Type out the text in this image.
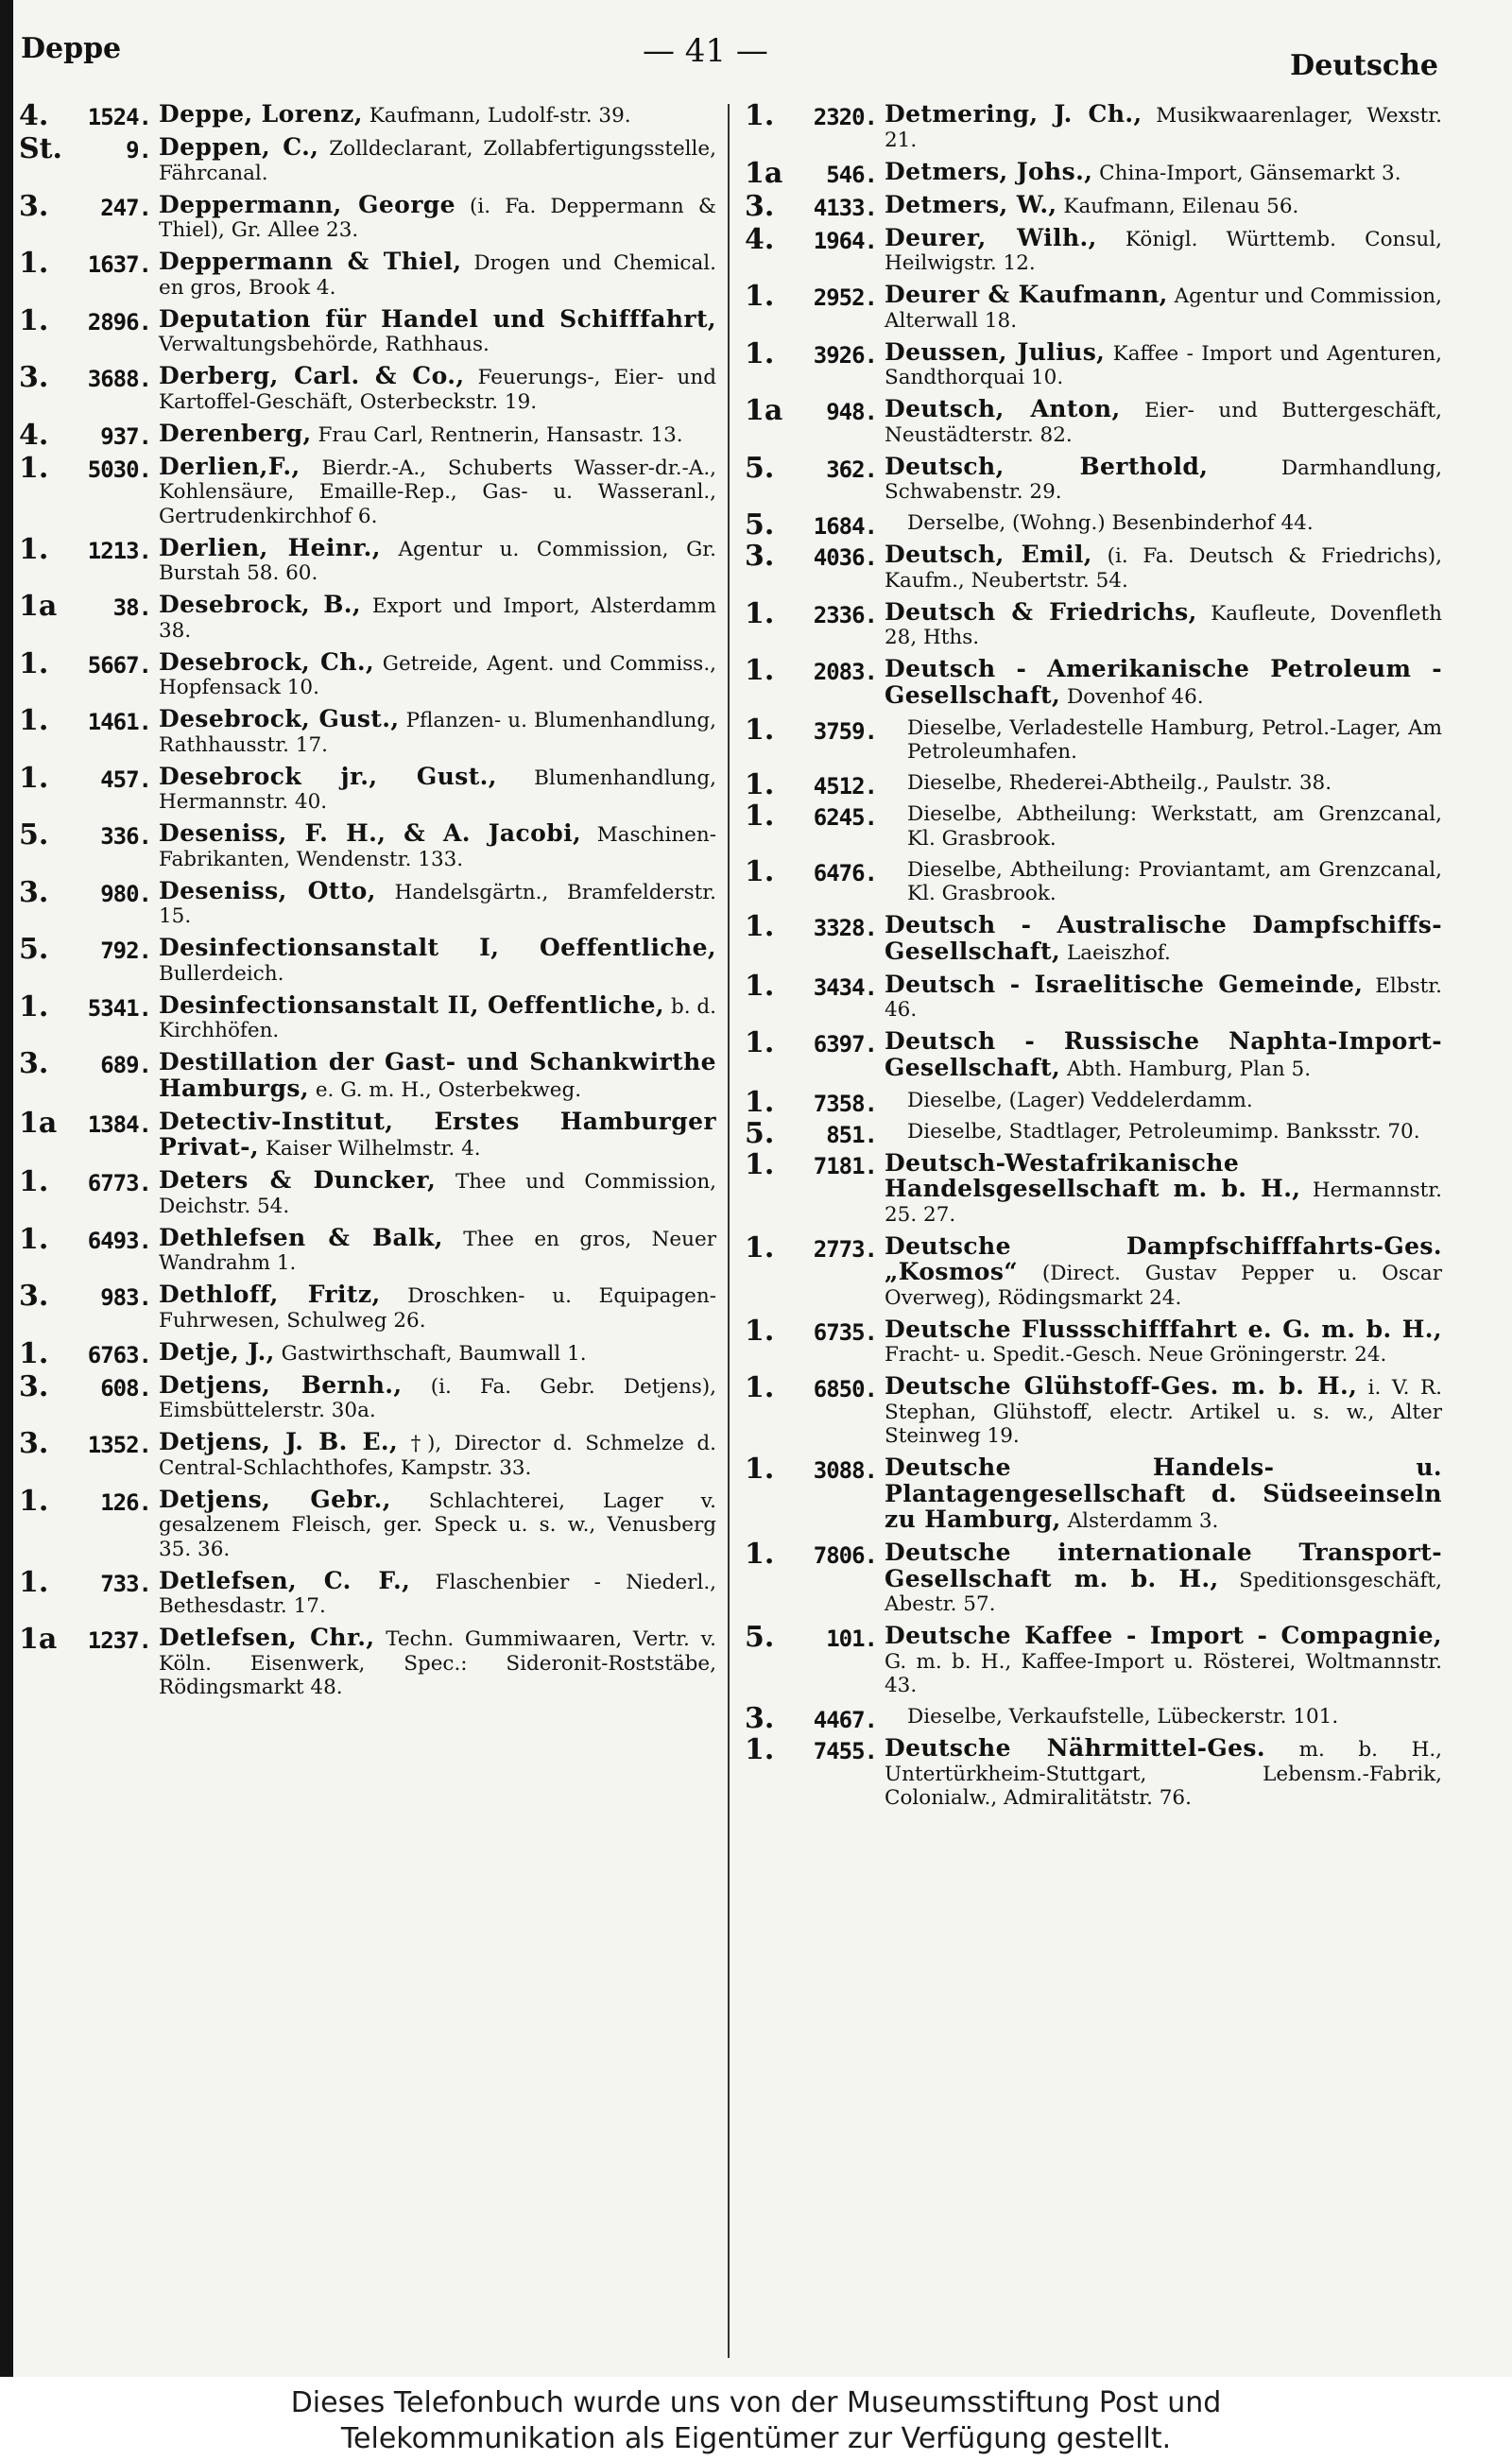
Deppe	— 41 —	Deutsche
4.	1524. Deppe, Lorenz, Kaufmann, Ludolf-str. 39.
St.	9. Deppen, C., Zolldeclarant, Zollabfertigungsstelle, Fährcanal.
3.	247. Deppermann, George (i. Fa. Deppermann & Thiel), Gr. Allee 23.
1.	1637. Deppermann & Thiel, Drogen und Chemical. en gros, Brook 4.
1.	2896. Deputation für Handel und Schifffahrt, Verwaltungsbehörde, Rathhaus.
3.	3688. Derberg, Carl. & Co., Feuerungs-, Eier- und Kartoffel-Geschäft, Osterbeckstr. 19.
4.	937. Derenberg, Frau Carl, Rentnerin, Hansastr. 13.
1.	5030. Derlien,F., Bierdr.-A., Schuberts Wasser-dr.-A., Kohlensäure, Emaille-Rep., Gas- u. Wasseranl., Gertrudenkirchhof 6.
1.	1213. Derlien, Heinr., Agentur u. Commission, Gr. Burstah 58. 60.
1a	38. Desebrock, B., Export und Import, Alsterdamm 38.
1.	5667. Desebrock, Ch., Getreide, Agent. und Commiss., Hopfensack 10.
1.	1461. Desebrock, Gust., Pflanzen- u. Blumenhandlung, Rathhausstr. 17.
1.	457. Desebrock jr., Gust., Blumenhandlung, Hermannstr. 40.
5.	336. Deseniss, F. H., & A. Jacobi, Maschinen-Fabrikanten, Wendenstr. 133.
3.	980. Deseniss, Otto, Handelsgärtn., Bramfelderstr. 15.
5.	792. Desinfectionsanstalt I, Oeffentliche, Bullerdeich.
1.	5341. Desinfectionsanstalt II, Oeffentliche, b. d. Kirchhöfen.
3.	689. Destillation der Gast- und Schankwirthe Hamburgs, e. G. m. H., Osterbekweg.
1a	1384. Detectiv-Institut, Erstes Hamburger Privat-, Kaiser Wilhelmstr. 4.
1.	6773. Deters & Duncker, Thee und Commission, Deichstr. 54.
1.	6493. Dethlefsen & Balk, Thee en gros, Neuer Wandrahm 1.
3.	983. Dethloff, Fritz, Droschken- u. Equipagen-Fuhrwesen, Schulweg 26.
1.	6763. Detje, J., Gastwirthschaft, Baumwall 1.
3.	608. Detjens, Bernh., (i. Fa. Gebr. Detjens), Eimsbüttelerstr. 30a.
3.	1352. Detjens, J. B. E., †), Director d. Schmelze d. Central-Schlachthofes, Kampstr. 33.
1.	126. Detjens, Gebr., Schlachterei, Lager v. gesalzenem Fleisch, ger. Speck u. s. w., Venusberg 35. 36.
1.	733. Detlefsen, C. F., Flaschenbier - Niederl., Bethesdastr. 17.
1a	1237. Detlefsen, Chr., Techn. Gummiwaaren, Vertr. v. Köln. Eisenwerk, Spec.: Sideronit-Roststäbe, Rödingsmarkt 48.
1.	2320. Detmering, J. Ch., Musikwaarenlager, Wexstr. 21.
1a	546. Detmers, Johs., China-Import, Gänsemarkt 3.
3.	4133. Detmers, W., Kaufmann, Eilenau 56.
4.	1964. Deurer, Wilh., Königl. Württemb. Consul, Heilwigstr. 12.
1.	2952. Deurer & Kaufmann, Agentur und Commission, Alterwall 18.
1.	3926. Deussen, Julius, Kaffee - Import und Agenturen, Sandthorquai 10.
1a	948. Deutsch, Anton, Eier- und Buttergeschäft, Neustädterstr. 82.
5.	362. Deutsch, Berthold,	Darmhandlung, Schwabenstr. 29.
5.	1684.	Derselbe, (Wohng.) Besenbinderhof 44.
3.	4036. Deutsch, Emil, (i. Fa. Deutsch & Friedrichs), Kaufm., Neubertstr. 54.
1.	2336. Deutsch & Friedrichs, Kaufleute, Dovenfleth 28, Hths.
1.	2083. Deutsch - Amerikanische Petroleum - Gesellschaft, Dovenhof 46.
1.	3759.	Dieselbe, Verladestelle Hamburg, Petrol.-Lager, Am Petroleumhafen.
1.	4512.	Dieselbe, Rhederei-Abtheilg., Paulstr. 38.
1.	6245.	Dieselbe, Abtheilung: Werkstatt, am Grenzcanal, Kl. Grasbrook.
1.	6476.	Dieselbe, Abtheilung: Proviantamt, am Grenzcanal, Kl. Grasbrook.
1.	3328. Deutsch - Australische Dampfschiffs-Gesellschaft, Laeiszhof.
1.	3434. Deutsch - Israelitische Gemeinde, Elbstr. 46.
1.	6397. Deutsch - Russische Naphta-Import-Gesellschaft, Abth. Hamburg, Plan 5.
1.	7358.	Dieselbe, (Lager) Veddelerdamm.
5.	851.	Dieselbe, Stadtlager, Petroleumimp. Banksstr. 70.
1.	7181. Deutsch-Westafrikanische Handelsgesellschaft m. b. H., Hermannstr. 25. 27.
1.	2773. Deutsche Dampfschifffahrts-Ges. „Kosmos“ (Direct. Gustav Pepper u. Oscar Overweg), Rödingsmarkt 24.
1.	6735. Deutsche Flussschifffahrt e. G. m. b. H., Fracht- u. Spedit.-Gesch. Neue Gröningerstr. 24.
1.	6850. Deutsche Glühstoff-Ges. m. b. H., i. V. R. Stephan, Glühstoff, electr. Artikel u. s. w., Alter Steinweg 19.
1.	3088. Deutsche Handels- u. Plantagengesellschaft d. Südseeinseln zu Hamburg, Alsterdamm 3.
1.	7806. Deutsche internationale Transport-Gesellschaft m. b. H., Speditionsgeschäft, Abestr. 57.
5.	101. Deutsche Kaffee - Import - Compagnie, G. m. b. H., Kaffee-Import u. Rösterei, Woltmannstr. 43.
3.	4467.	Dieselbe, Verkaufstelle, Lübeckerstr. 101.
1.	7455. Deutsche Nährmittel-Ges. m. b. H., Untertürkheim-Stuttgart, Lebensm.-Fabrik, Colonialw., Admiralitätstr. 76.
Dieses Telefonbuch wurde uns von der Museumsstiftung Post und
Telekommunikation als Eigentümer zur Verfügung gestellt.
